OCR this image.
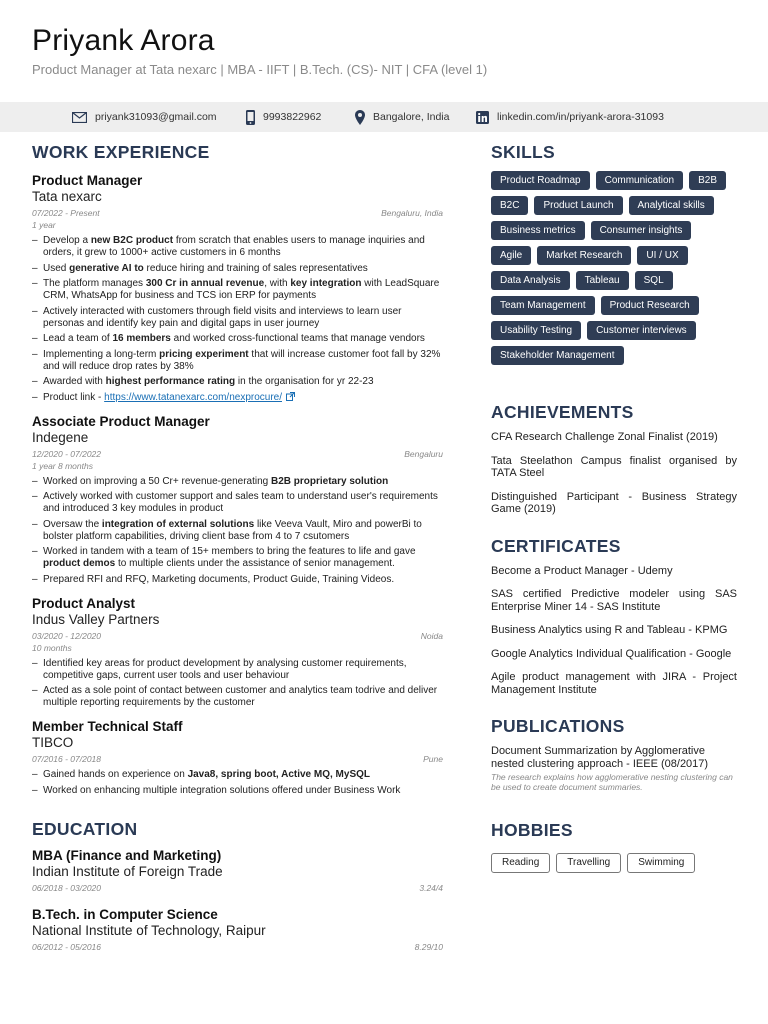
Priyank Arora
Product Manager at Tata nexarc | MBA - IIFT | B.Tech. (CS)- NIT | CFA (level 1)
priyank31093@gmail.com	9993822962	Bangalore, India	linkedin.com/in/priyank-arora-31093
WORK EXPERIENCE
Product Manager
Tata nexarc
07/2022 - Present	Bengaluru, India
1 year
– Develop a new B2C product from scratch that enables users to manage inquiries and orders, it grew to 1000+ active customers in 6 months
– Used generative AI to reduce hiring and training of sales representatives
– The platform manages 300 Cr in annual revenue, with key integration with LeadSquare CRM, WhatsApp for business and TCS ion ERP for payments
– Actively interacted with customers through field visits and interviews to learn user personas and identify key pain and digital gaps in user journey
– Lead a team of 16 members and worked cross-functional teams that manage vendors
– Implementing a long-term pricing experiment that will increase customer foot fall by 32% and will reduce drop rates by 38%
– Awarded with highest performance rating in the organisation for yr 22-23
– Product link - https://www.tatanexarc.com/nexprocure/
Associate Product Manager
Indegene
12/2020 - 07/2022	Bengaluru
1 year 8 months
– Worked on improving a 50 Cr+ revenue-generating B2B proprietary solution
– Actively worked with customer support and sales team to understand user's requirements and introduced 3 key modules in product
– Oversaw the integration of external solutions like Veeva Vault, Miro and powerBi to bolster platform capabilities, driving client base from 4 to 7 csutomers
– Worked in tandem with a team of 15+ members to bring the features to life and gave product demos to multiple clients under the assistance of senior management.
– Prepared RFI and RFQ, Marketing documents, Product Guide, Training Videos.
Product Analyst
Indus Valley Partners
03/2020 - 12/2020	Noida
10 months
– Identified key areas for product development by analysing customer requirements, competitive gaps, current user tools and user behaviour
– Acted as a sole point of contact between customer and analytics team todrive and deliver multiple reporting requirements by the customer
Member Technical Staff
TIBCO
07/2016 - 07/2018	Pune
– Gained hands on experience on Java8, spring boot, Active MQ, MySQL
– Worked on enhancing multiple integration solutions offered under Business Work
EDUCATION
MBA (Finance and Marketing)
Indian Institute of Foreign Trade
06/2018 - 03/2020	3.24/4
B.Tech. in Computer Science
National Institute of Technology, Raipur
06/2012 - 05/2016	8.29/10
SKILLS
Product Roadmap	Communication	B2B
B2C	Product Launch	Analytical skills
Business metrics	Consumer insights
Agile	Market Research	UI / UX
Data Analysis	Tableau	SQL
Team Management	Product Research
Usability Testing	Customer interviews
Stakeholder Management
ACHIEVEMENTS
CFA Research Challenge Zonal Finalist (2019)
Tata Steelathon Campus finalist organised by TATA Steel
Distinguished Participant - Business Strategy Game (2019)
CERTIFICATES
Become a Product Manager - Udemy
SAS certified Predictive modeler using SAS Enterprise Miner 14 - SAS Institute
Business Analytics using R and Tableau - KPMG
Google Analytics Individual Qualification - Google
Agile product management with JIRA - Project Management Institute
PUBLICATIONS
Document Summarization by Agglomerative nested clustering approach - IEEE (08/2017)
The research explains how agglomerative nesting clustering can be used to create document summaries.
HOBBIES
Reading	Travelling	Swimming
